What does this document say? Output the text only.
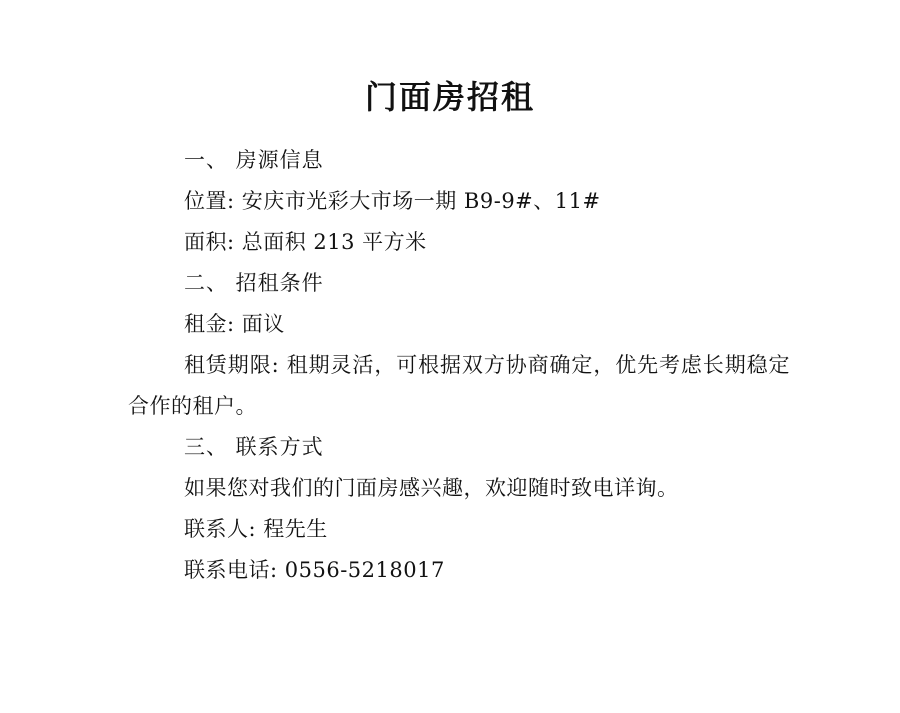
门面房招租
一、 房源信息
位置: 安庆市光彩大市场一期 B9-9#、11#
面积: 总面积 213 平方米
二、 招租条件
租金: 面议
租赁期限: 租期灵活，可根据双方协商确定，优先考虑长期稳定合作的租户。
三、 联系方式
如果您对我们的门面房感兴趣，欢迎随时致电详询。
联系人: 程先生
联系电话: 0556-5218017
